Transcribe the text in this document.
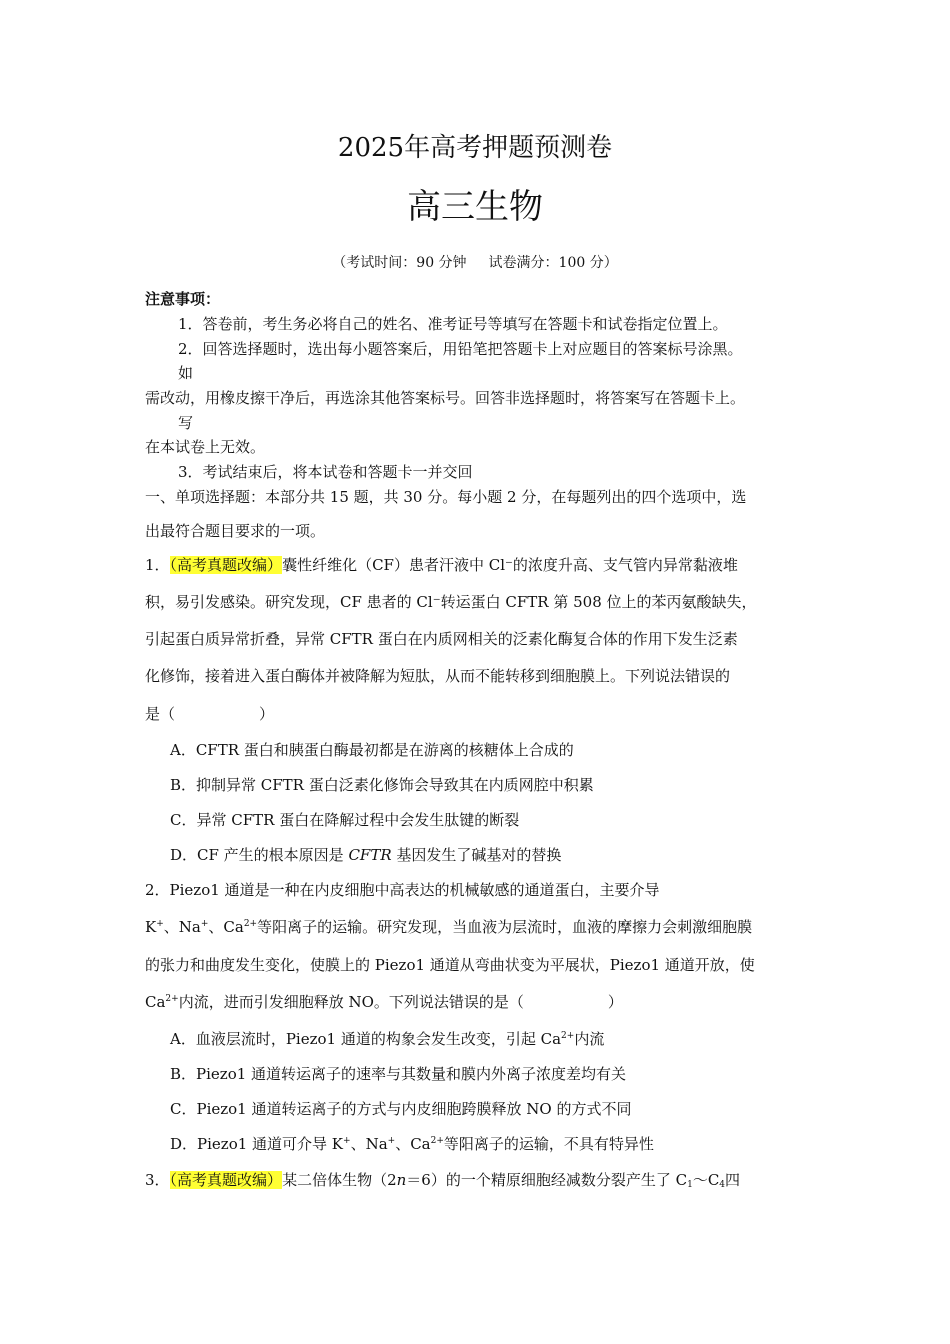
2025年高考押题预测卷
高三生物
（考试时间：90 分钟 试卷满分：100 分）
注意事项：
1．答卷前，考生务必将自己的姓名、准考证号等填写在答题卡和试卷指定位置上。
2．回答选择题时，选出每小题答案后，用铅笔把答题卡上对应题目的答案标号涂黑。
如
需改动，用橡皮擦干净后，再选涂其他答案标号。回答非选择题时，将答案写在答题卡上。
写
在本试卷上无效。
3．考试结束后，将本试卷和答题卡一并交回
一、单项选择题：本部分共 15 题，共 30 分。每小题 2 分，在每题列出的四个选项中，选
出最符合题目要求的一项。
1．（高考真题改编）囊性纤维化（CF）患者汗液中 Cl⁻的浓度升高、支气管内异常黏液堆
积，易引发感染。研究发现，CF 患者的 Cl⁻转运蛋白 CFTR 第 508 位上的苯丙氨酸缺失，
引起蛋白质异常折叠，异常 CFTR 蛋白在内质网相关的泛素化酶复合体的作用下发生泛素
化修饰，接着进入蛋白酶体并被降解为短肽，从而不能转移到细胞膜上。下列说法错误的
是（	）
A．CFTR 蛋白和胰蛋白酶最初都是在游离的核糖体上合成的
B．抑制异常 CFTR 蛋白泛素化修饰会导致其在内质网腔中积累
C．异常 CFTR 蛋白在降解过程中会发生肽键的断裂
D．CF 产生的根本原因是 CFTR 基因发生了碱基对的替换
2．Piezo1 通道是一种在内皮细胞中高表达的机械敏感的通道蛋白，主要介导
K+、Na+、$Ca^{2+}$等阳离子的运输。研究发现，当血液为层流时，血液的摩擦力会刺激细胞膜
的张力和曲度发生变化，使膜上的 Piezo1 通道从弯曲状变为平展状，Piezo1 通道开放，使
$Ca^{2+}$内流，进而引发细胞释放 NO。下列说法错误的是（	）
A．血液层流时，Piezo1 通道的构象会发生改变，引起 $Ca^{2+}$内流
B．Piezo1 通道转运离子的速率与其数量和膜内外离子浓度差均有关
C．Piezo1 通道转运离子的方式与内皮细胞跨膜释放 NO 的方式不同
D．Piezo1 通道可介导 K+、Na+、$Ca^{2+}$等阳离子的运输，不具有特异性
3．（高考真题改编）某二倍体生物（2n＝6）的一个精原细胞经减数分裂产生了 $C_1\sim C_4$四
